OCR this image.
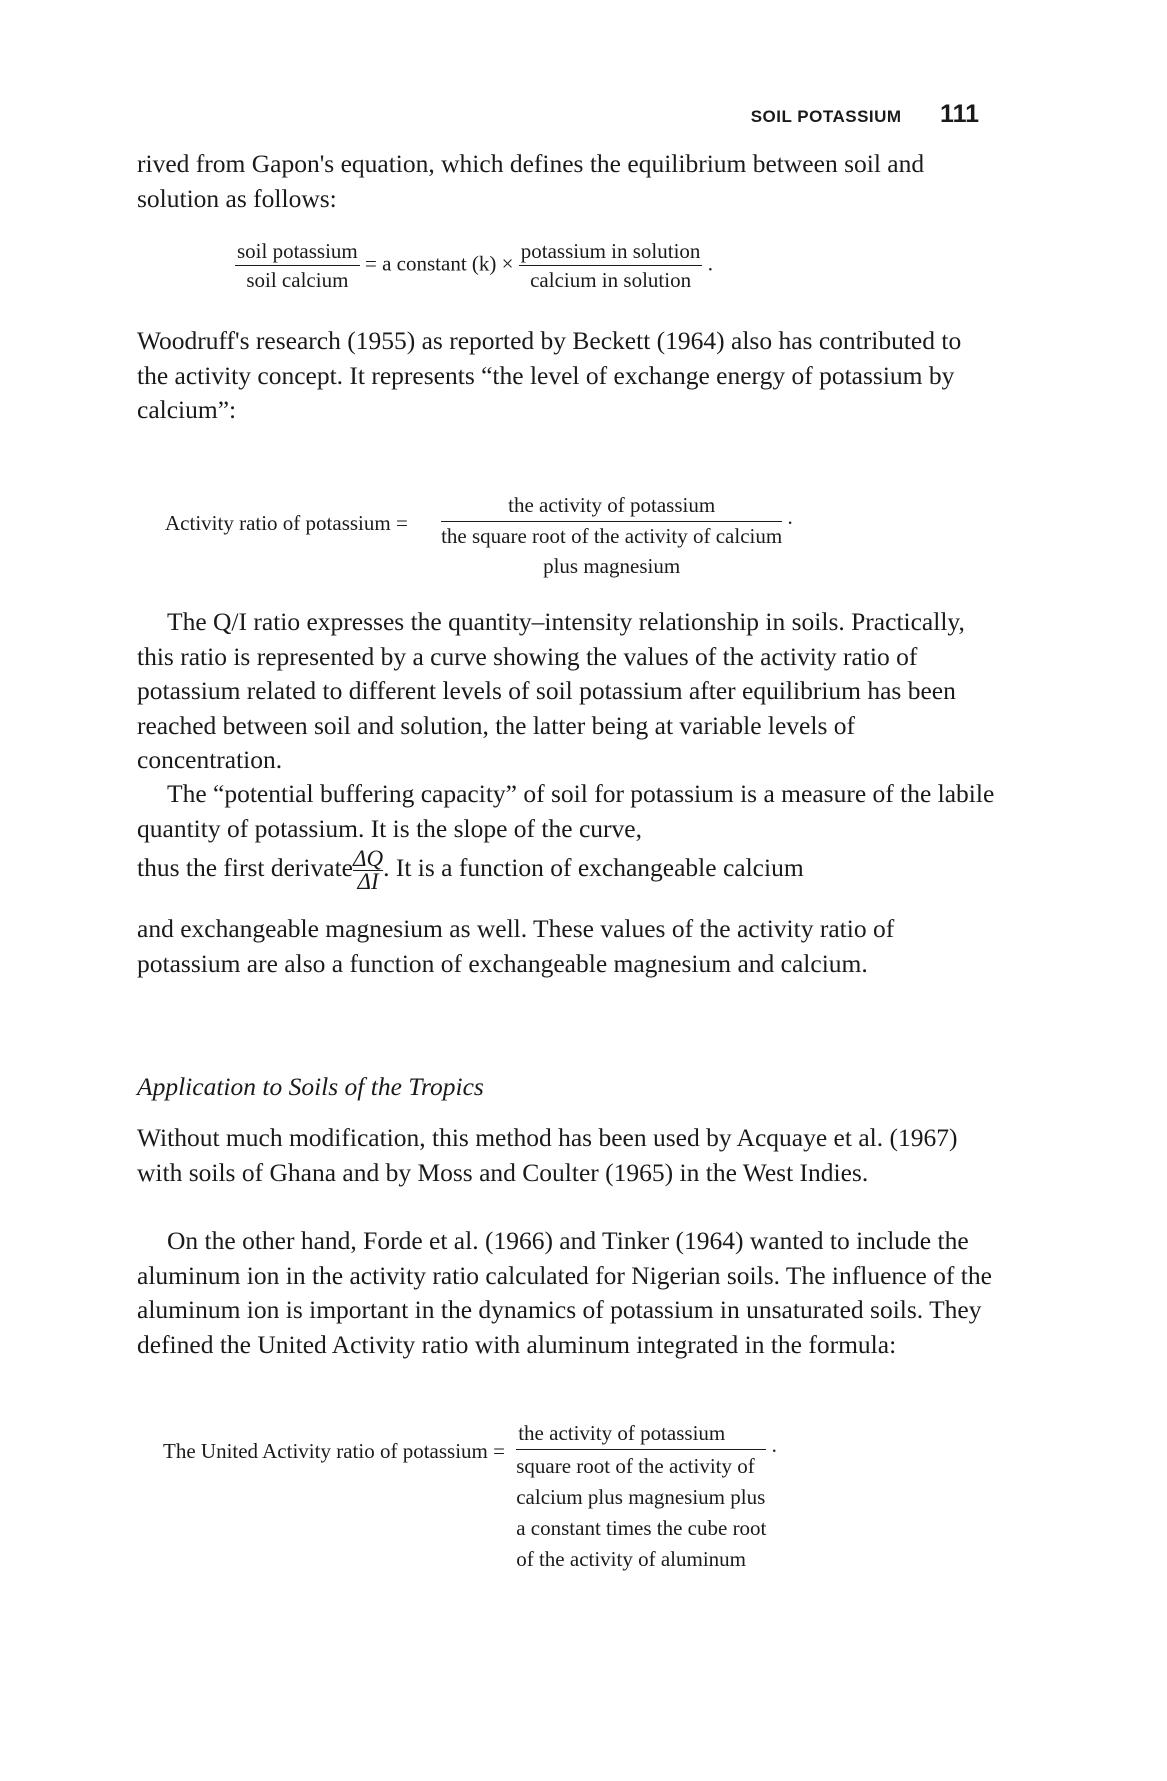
SOIL POTASSIUM 111

rived from Gapon's equation, which defines the equilibrium between soil and solution as follows:

$\frac{\text{soil potassium}}{\text{soil calcium}} = a$ constant $(k) \times \frac{\text{potassium in solution}}{\text{calcium in solution}}$ .

Woodruff's research (1955) as reported by Beckett (1964) also has contributed to the activity concept. It represents “the level of exchange energy of potassium by calcium”:

Activity ratio of potassium =
the activity of potassium
the square root of the activity of calcium
plus magnesium
.

The Q/I ratio expresses the quantity–intensity relationship in soils. Practically, this ratio is represented by a curve showing the values of the activity ratio of potassium related to different levels of soil potassium after equilibrium has been reached between soil and solution, the latter being at variable levels of concentration.

The “potential buffering capacity” of soil for potassium is a measure of the labile quantity of potassium. It is the slope of the curve,

thus the first derivate $\frac{\Delta Q}{\Delta I}$. It is a function of exchangeable calcium

and exchangeable magnesium as well. These values of the activity ratio of potassium are also a function of exchangeable magnesium and calcium.

Application to Soils of the Tropics

Without much modification, this method has been used by Acquaye et al. (1967) with soils of Ghana and by Moss and Coulter (1965) in the West Indies.

On the other hand, Forde et al. (1966) and Tinker (1964) wanted to include the aluminum ion in the activity ratio calculated for Nigerian soils. The influence of the aluminum ion is important in the dynamics of potassium in unsaturated soils. They defined the United Activity ratio with aluminum integrated in the formula:

The United Activity ratio of potassium =
the activity of potassium
square root of the activity of
calcium plus magnesium plus
a constant times the cube root
of the activity of aluminum
.
